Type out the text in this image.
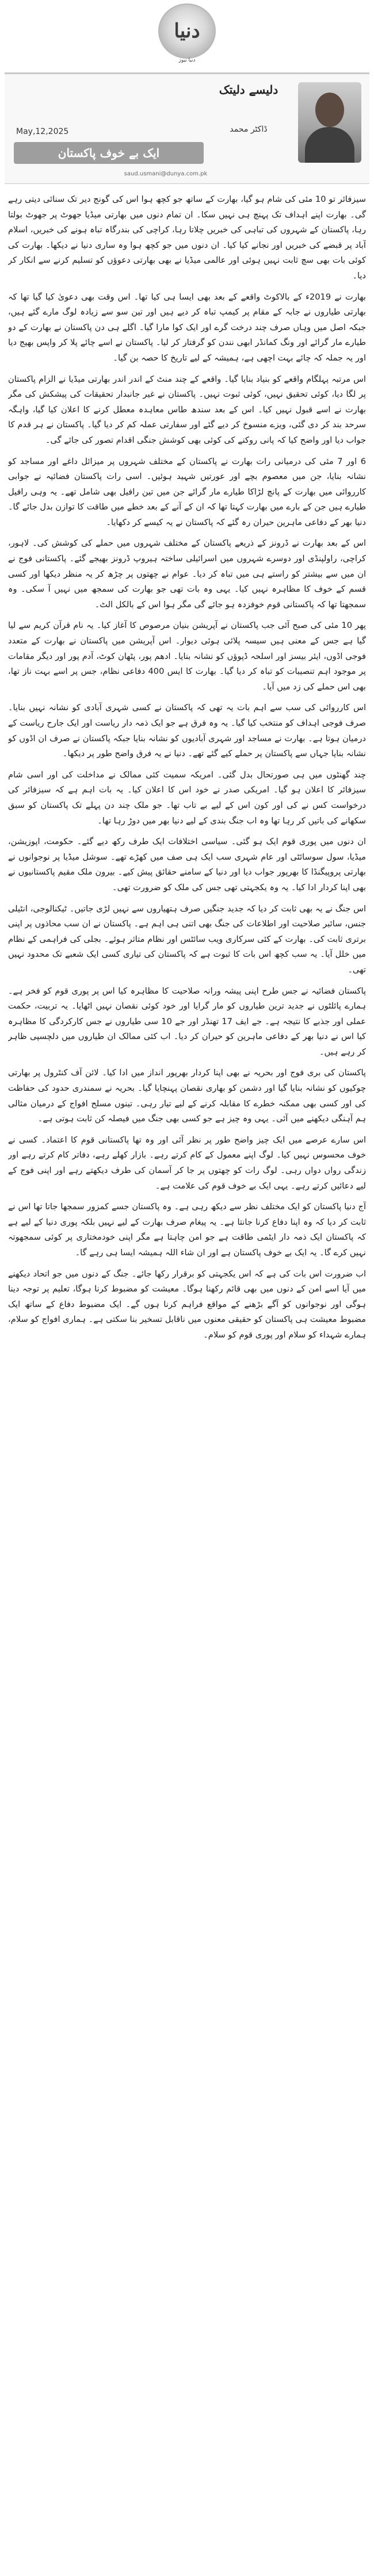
دنیا
دنیا نیوز
دلیسے دلیتک
ڈاکٹر محمد
May,12,2025
ایک بے خوف پاکستان
saud.usmani@dunya.com.pk

سیزفائر تو 10 مئی کی شام ہو گیا، بھارت کے ساتھ جو کچھ ہوا اس کی گونج دیر تک سنائی دیتی رہے گی۔ بھارت اپنے اہداف تک پہنچ ہی نہیں سکا۔ ان تمام دنوں میں بھارتی میڈیا جھوٹ پر جھوٹ بولتا رہا، پاکستان کے شہروں کی تباہی کی خبریں چلاتا رہا، کراچی کی بندرگاہ تباہ ہونے کی خبریں، اسلام آباد پر قبضے کی خبریں اور نجانے کیا کیا۔ ان دنوں میں جو کچھ ہوا وہ ساری دنیا نے دیکھا۔ بھارت کی کوئی بات بھی سچ ثابت نہیں ہوئی اور عالمی میڈیا نے بھی بھارتی دعوؤں کو تسلیم کرنے سے انکار کر دیا۔

بھارت نے 2019ء کے بالاکوٹ واقعے کے بعد بھی ایسا ہی کیا تھا۔ اس وقت بھی دعویٰ کیا گیا تھا کہ بھارتی طیاروں نے جابہ کے مقام پر کیمپ تباہ کر دیے ہیں اور تین سو سے زیادہ لوگ مارے گئے ہیں، جبکہ اصل میں وہاں صرف چند درخت گرے اور ایک کوا مارا گیا۔ اگلے ہی دن پاکستان نے بھارت کے دو طیارے مار گرائے اور ونگ کمانڈر ابھی نندن کو گرفتار کر لیا۔ پاکستان نے اسے چائے پلا کر واپس بھیج دیا اور یہ جملہ کہ چائے بہت اچھی ہے، ہمیشہ کے لیے تاریخ کا حصہ بن گیا۔

اس مرتبہ پہلگام واقعے کو بنیاد بنایا گیا۔ واقعے کے چند منٹ کے اندر اندر بھارتی میڈیا نے الزام پاکستان پر لگا دیا، کوئی تحقیق نہیں، کوئی ثبوت نہیں۔ پاکستان نے غیر جانبدار تحقیقات کی پیشکش کی مگر بھارت نے اسے قبول نہیں کیا۔ اس کے بعد سندھ طاس معاہدہ معطل کرنے کا اعلان کیا گیا، واہگہ سرحد بند کر دی گئی، ویزے منسوخ کر دیے گئے اور سفارتی عملہ کم کر دیا گیا۔ پاکستان نے ہر قدم کا جواب دیا اور واضح کیا کہ پانی روکنے کی کوئی بھی کوشش جنگی اقدام تصور کی جائے گی۔

6 اور 7 مئی کی درمیانی رات بھارت نے پاکستان کے مختلف شہروں پر میزائل داغے اور مساجد کو نشانہ بنایا، جن میں معصوم بچے اور عورتیں شہید ہوئیں۔ اسی رات پاکستان فضائیہ نے جوابی کارروائی میں بھارت کے پانچ لڑاکا طیارے مار گرائے جن میں تین رافیل بھی شامل تھے۔ یہ وہی رافیل طیارے ہیں جن کے بارے میں بھارت کہتا تھا کہ ان کے آنے کے بعد خطے میں طاقت کا توازن بدل جائے گا۔ دنیا بھر کے دفاعی ماہرین حیران رہ گئے کہ پاکستان نے یہ کیسے کر دکھایا۔

اس کے بعد بھارت نے ڈرونز کے ذریعے پاکستان کے مختلف شہروں میں حملے کی کوشش کی۔ لاہور، کراچی، راولپنڈی اور دوسرے شہروں میں اسرائیلی ساختہ ہیروپ ڈرونز بھیجے گئے۔ پاکستانی فوج نے ان میں سے بیشتر کو راستے ہی میں تباہ کر دیا۔ عوام نے چھتوں پر چڑھ کر یہ منظر دیکھا اور کسی قسم کے خوف کا مظاہرہ نہیں کیا۔ یہی وہ بات تھی جو بھارت کی سمجھ میں نہیں آ سکی۔ وہ سمجھتا تھا کہ پاکستانی قوم خوفزدہ ہو جائے گی مگر ہوا اس کے بالکل الٹ۔

پھر 10 مئی کی صبح آئی جب پاکستان نے آپریشن بنیان مرصوص کا آغاز کیا۔ یہ نام قرآن کریم سے لیا گیا ہے جس کے معنی ہیں سیسہ پلائی ہوئی دیوار۔ اس آپریشن میں پاکستان نے بھارت کے متعدد فوجی اڈوں، ایئر بیسز اور اسلحہ ڈپوؤں کو نشانہ بنایا۔ ادھم پور، پٹھان کوٹ، آدم پور اور دیگر مقامات پر موجود اہم تنصیبات کو تباہ کر دیا گیا۔ بھارت کا ایس 400 دفاعی نظام، جس پر اسے بہت ناز تھا، بھی اس حملے کی زد میں آیا۔

اس کارروائی کی سب سے اہم بات یہ تھی کہ پاکستان نے کسی شہری آبادی کو نشانہ نہیں بنایا۔ صرف فوجی اہداف کو منتخب کیا گیا۔ یہ وہ فرق ہے جو ایک ذمہ دار ریاست اور ایک جارح ریاست کے درمیان ہوتا ہے۔ بھارت نے مساجد اور شہری آبادیوں کو نشانہ بنایا جبکہ پاکستان نے صرف ان اڈوں کو نشانہ بنایا جہاں سے پاکستان پر حملے کیے گئے تھے۔ دنیا نے یہ فرق واضح طور پر دیکھا۔

چند گھنٹوں میں ہی صورتحال بدل گئی۔ امریکہ سمیت کئی ممالک نے مداخلت کی اور اسی شام سیزفائر کا اعلان ہو گیا۔ امریکی صدر نے خود اس کا اعلان کیا۔ یہ بات اہم ہے کہ سیزفائر کی درخواست کس نے کی اور کون اس کے لیے بے تاب تھا۔ جو ملک چند دن پہلے تک پاکستان کو سبق سکھانے کی باتیں کر رہا تھا وہ اب جنگ بندی کے لیے دنیا بھر میں دوڑ رہا تھا۔

ان دنوں میں پوری قوم ایک ہو گئی۔ سیاسی اختلافات ایک طرف رکھ دیے گئے۔ حکومت، اپوزیشن، میڈیا، سول سوسائٹی اور عام شہری سب ایک ہی صف میں کھڑے تھے۔ سوشل میڈیا پر نوجوانوں نے بھارتی پروپیگنڈا کا بھرپور جواب دیا اور دنیا کے سامنے حقائق پیش کیے۔ بیرون ملک مقیم پاکستانیوں نے بھی اپنا کردار ادا کیا۔ یہ وہ یکجہتی تھی جس کی ملک کو ضرورت تھی۔

اس جنگ نے یہ بھی ثابت کر دیا کہ جدید جنگیں صرف ہتھیاروں سے نہیں لڑی جاتیں۔ ٹیکنالوجی، انٹیلی جنس، سائبر صلاحیت اور اطلاعات کی جنگ بھی اتنی ہی اہم ہے۔ پاکستان نے ان سب محاذوں پر اپنی برتری ثابت کی۔ بھارت کے کئی سرکاری ویب سائٹس اور نظام متاثر ہوئے۔ بجلی کی فراہمی کے نظام میں خلل آیا۔ یہ سب کچھ اس بات کا ثبوت ہے کہ پاکستان کی تیاری کسی ایک شعبے تک محدود نہیں تھی۔

پاکستان فضائیہ نے جس طرح اپنی پیشہ ورانہ صلاحیت کا مظاہرہ کیا اس پر پوری قوم کو فخر ہے۔ ہمارے پائلٹوں نے جدید ترین طیاروں کو مار گرایا اور خود کوئی نقصان نہیں اٹھایا۔ یہ تربیت، حکمت عملی اور جذبے کا نتیجہ ہے۔ جے ایف 17 تھنڈر اور جے 10 سی طیاروں نے جس کارکردگی کا مظاہرہ کیا اس نے دنیا بھر کے دفاعی ماہرین کو حیران کر دیا۔ اب کئی ممالک ان طیاروں میں دلچسپی ظاہر کر رہے ہیں۔

پاکستان کی بری فوج اور بحریہ نے بھی اپنا کردار بھرپور انداز میں ادا کیا۔ لائن آف کنٹرول پر بھارتی چوکیوں کو نشانہ بنایا گیا اور دشمن کو بھاری نقصان پہنچایا گیا۔ بحریہ نے سمندری حدود کی حفاظت کی اور کسی بھی ممکنہ خطرے کا مقابلہ کرنے کے لیے تیار رہی۔ تینوں مسلح افواج کے درمیان مثالی ہم آہنگی دیکھنے میں آئی۔ یہی وہ چیز ہے جو کسی بھی جنگ میں فیصلہ کن ثابت ہوتی ہے۔

اس سارے عرصے میں ایک چیز واضح طور پر نظر آئی اور وہ تھا پاکستانی قوم کا اعتماد۔ کسی نے خوف محسوس نہیں کیا۔ لوگ اپنے معمول کے کام کرتے رہے۔ بازار کھلے رہے، دفاتر کام کرتے رہے اور زندگی رواں دواں رہی۔ لوگ رات کو چھتوں پر جا کر آسمان کی طرف دیکھتے رہے اور اپنی فوج کے لیے دعائیں کرتے رہے۔ یہی ایک بے خوف قوم کی علامت ہے۔

آج دنیا پاکستان کو ایک مختلف نظر سے دیکھ رہی ہے۔ وہ پاکستان جسے کمزور سمجھا جاتا تھا اس نے ثابت کر دیا کہ وہ اپنا دفاع کرنا جانتا ہے۔ یہ پیغام صرف بھارت کے لیے نہیں بلکہ پوری دنیا کے لیے ہے کہ پاکستان ایک ذمہ دار ایٹمی طاقت ہے جو امن چاہتا ہے مگر اپنی خودمختاری پر کوئی سمجھوتہ نہیں کرے گا۔ یہ ایک بے خوف پاکستان ہے اور ان شاء اللہ ہمیشہ ایسا ہی رہے گا۔

اب ضرورت اس بات کی ہے کہ اس یکجہتی کو برقرار رکھا جائے۔ جنگ کے دنوں میں جو اتحاد دیکھنے میں آیا اسے امن کے دنوں میں بھی قائم رکھنا ہوگا۔ معیشت کو مضبوط کرنا ہوگا، تعلیم پر توجہ دینا ہوگی اور نوجوانوں کو آگے بڑھنے کے مواقع فراہم کرنا ہوں گے۔ ایک مضبوط دفاع کے ساتھ ایک مضبوط معیشت ہی پاکستان کو حقیقی معنوں میں ناقابل تسخیر بنا سکتی ہے۔ ہماری افواج کو سلام، ہمارے شہداء کو سلام اور پوری قوم کو سلام۔
